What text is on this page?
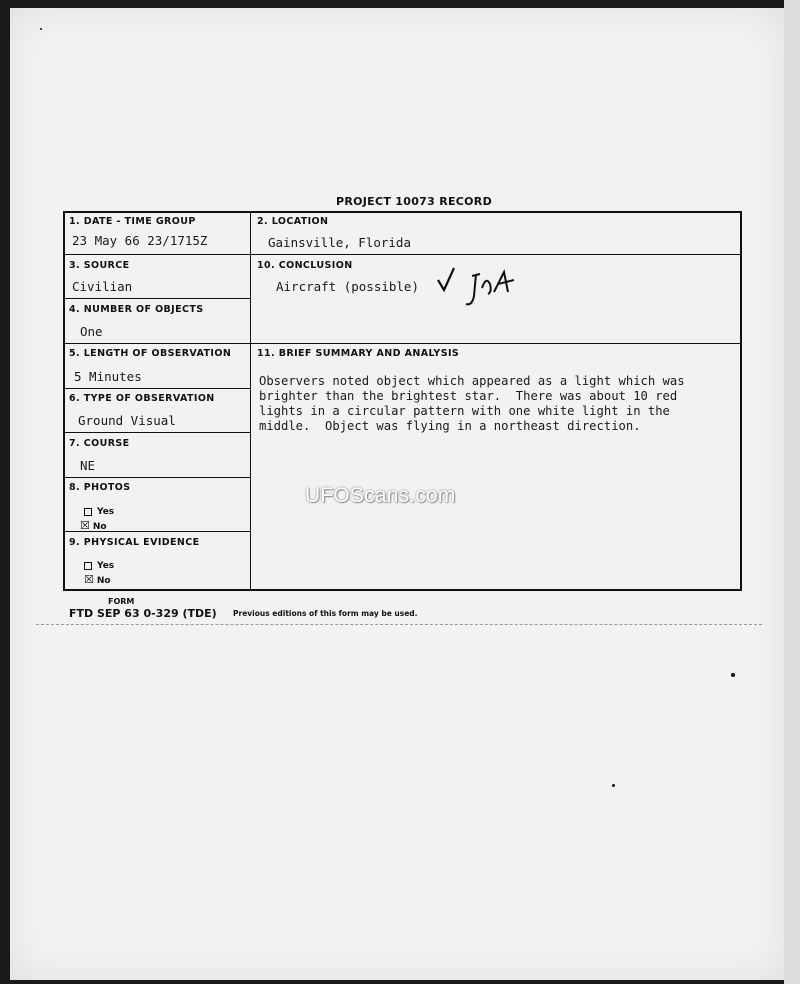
PROJECT 10073 RECORD
1. DATE - TIME GROUP
23 May 66 23/1715Z
2. LOCATION
Gainsville, Florida
3. SOURCE
Civilian
10. CONCLUSION
Aircraft (possible)
4. NUMBER OF OBJECTS
One
5. LENGTH OF OBSERVATION
5 Minutes
11. BRIEF SUMMARY AND ANALYSIS
Observers noted object which appeared as a light which was
brighter than the brightest star.  There was about 10 red
lights in a circular pattern with one white light in the
middle.  Object was flying in a northeast direction.
6. TYPE OF OBSERVATION
Ground Visual
7. COURSE
NE
8. PHOTOS
Yes
☒ No
9. PHYSICAL EVIDENCE
Yes
☒ No
UFOScans.com
FORM
FTD SEP 63 0-329 (TDE) Previous editions of this form may be used.
